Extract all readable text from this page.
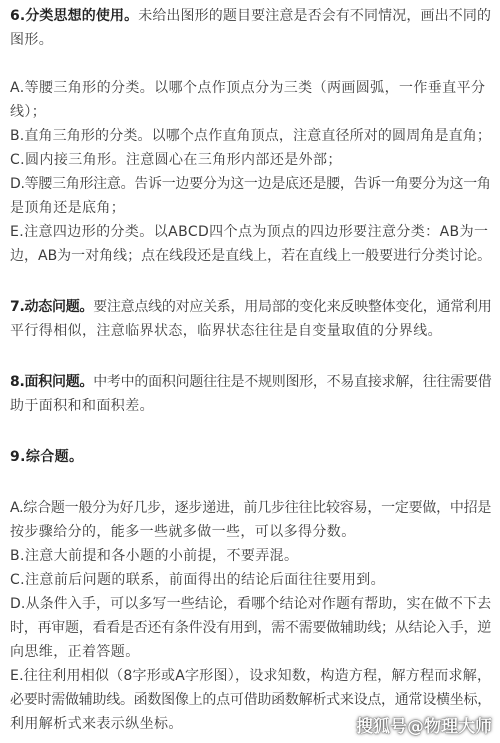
6.分类思想的使用。未给出图形的题目要注意是否会有不同情况，画出不同的
图形。
A.等腰三角形的分类。以哪个点作顶点分为三类（两画圆弧，一作垂直平分
线）；
B.直角三角形的分类。以哪个点作直角顶点，注意直径所对的圆周角是直角；
C.圆内接三角形。注意圆心在三角形内部还是外部；
D.等腰三角形注意。告诉一边要分为这一边是底还是腰，告诉一角要分为这一角
是顶角还是底角；
E.注意四边形的分类。以ABCD四个点为顶点的四边形要注意分类：AB为一
边，AB为一对角线；点在线段还是直线上，若在直线上一般要进行分类讨论。
7.动态问题。要注意点线的对应关系，用局部的变化来反映整体变化，通常利用
平行得相似，注意临界状态，临界状态往往是自变量取值的分界线。
8.面积问题。中考中的面积问题往往是不规则图形，不易直接求解，往往需要借
助于面积和和面积差。
9.综合题。
A.综合题一般分为好几步，逐步递进，前几步往往比较容易，一定要做，中招是
按步骤给分的，能多一些就多做一些，可以多得分数。
B.注意大前提和各小题的小前提，不要弄混。
C.注意前后问题的联系，前面得出的结论后面往往要用到。
D.从条件入手，可以多写一些结论，看哪个结论对作题有帮助，实在做不下去
时，再审题，看看是否还有条件没有用到，需不需要做辅助线；从结论入手，逆
向思维，正着答题。
E.往往利用相似（8字形或A字形图），设求知数，构造方程，解方程而求解，
必要时需做辅助线。函数图像上的点可借助函数解析式来设点，通常设横坐标，
利用解析式来表示纵坐标。	搜狐号@物理大师
